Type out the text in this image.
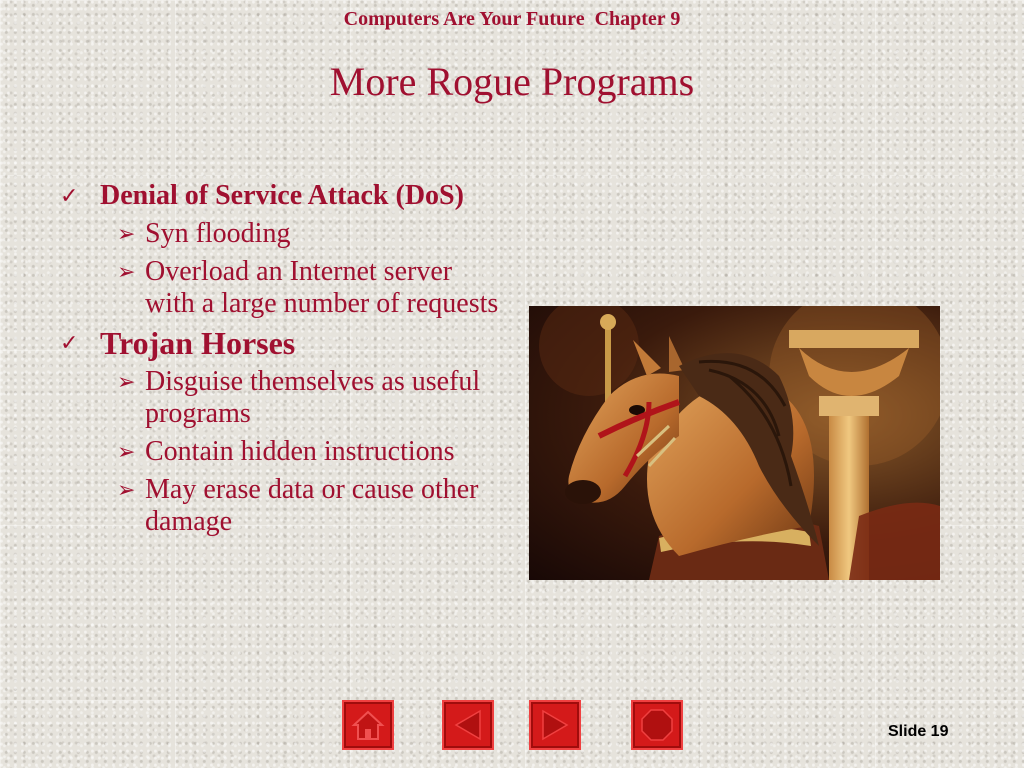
Computers Are Your Future Chapter 9
More Rogue Programs
✓ Denial of Service Attack (DoS)
➢ Syn flooding
➢ Overload an Internet server with a large number of requests
✓ Trojan Horses
➢ Disguise themselves as useful programs
➢ Contain hidden instructions
➢ May erase data or cause other damage
Slide 19
